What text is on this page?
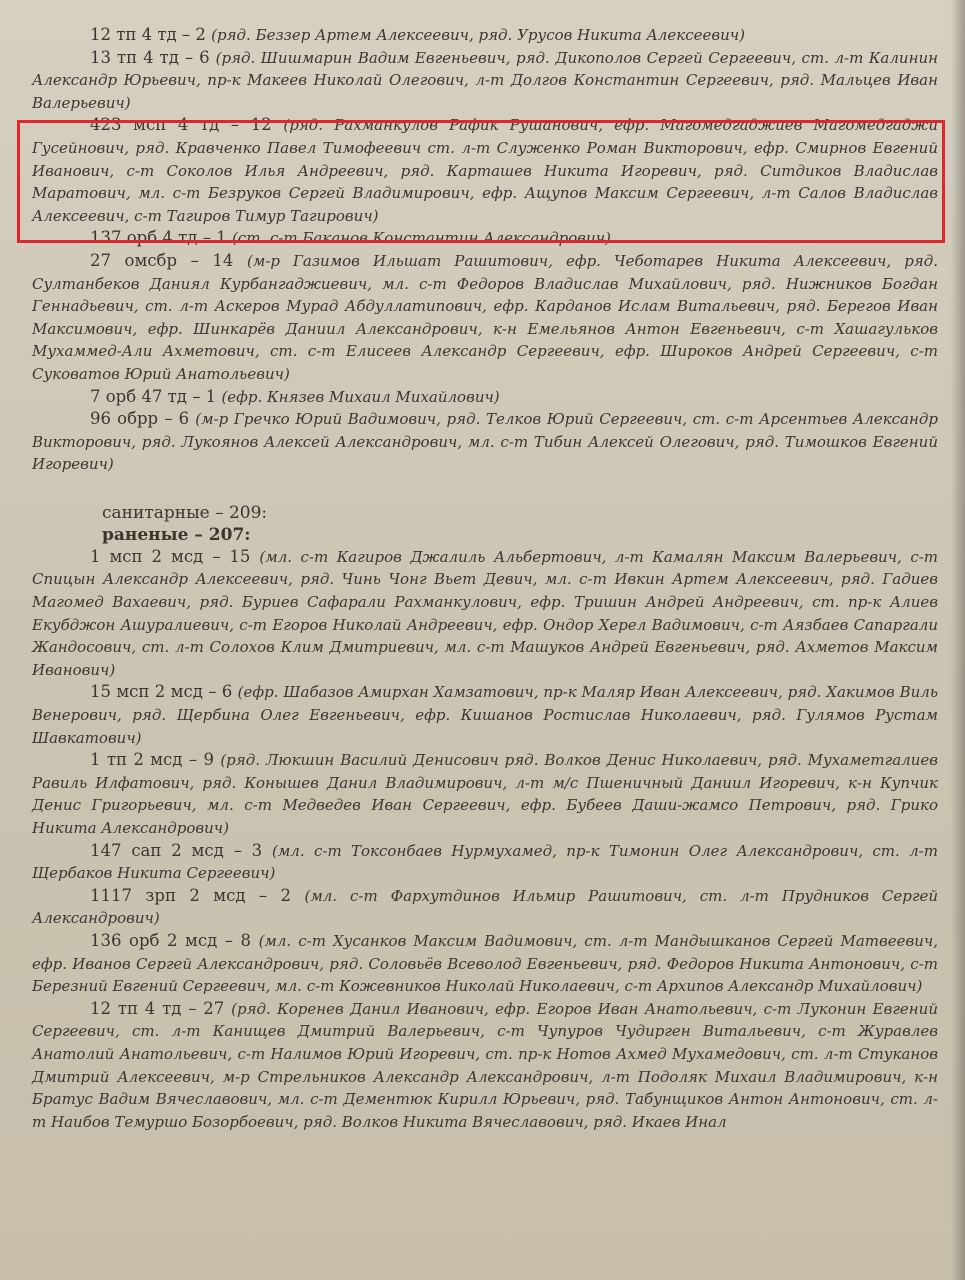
12 тп 4 тд – 2 (ряд. Беззер Артем Алексеевич, ряд. Урусов Никита Алексеевич)

13 тп 4 тд – 6 (ряд. Шишмарин Вадим Евгеньевич, ряд. Дикополов Сергей Сергеевич, ст. л-т Калинин Александр Юрьевич, пр-к Макеев Николай Олегович, л-т Долгов Константин Сергеевич, ряд. Мальцев Иван Валерьевич)

423 мсп 4 тд – 12 (ряд. Рахманкулов Рафик Рушанович, ефр. Магомедгаджиев Магомедгаджи Гусейнович, ряд. Кравченко Павел Тимофеевич ст. л-т Служенко Роман Викторович, ефр. Смирнов Евгений Иванович, с-т Соколов Илья Андреевич, ряд. Карташев Никита Игоревич, ряд. Ситдиков Владислав Маратович, мл. с-т Безруков Сергей Владимирович, ефр. Ащупов Максим Сергеевич, л-т Салов Владислав Алексеевич, с-т Тагиров Тимур Тагирович)

137 орб 4 тд – 1 (ст. с-т Баканов Константин Александрович)

27 омсбр – 14 (м-р Газимов Ильшат Рашитович, ефр. Чеботарев Никита Алексеевич, ряд. Султанбеков Даниял Курбангаджиевич, мл. с-т Федоров Владислав Михайлович, ряд. Нижников Богдан Геннадьевич, ст. л-т Аскеров Мурад Абдуллатипович, ефр. Карданов Ислам Витальевич, ряд. Берегов Иван Максимович, ефр. Шинкарёв Даниил Александрович, к-н Емельянов Антон Евгеньевич, с-т Хашагульков Мухаммед-Али Ахметович, ст. с-т Елисеев Александр Сергеевич, ефр. Широков Андрей Сергеевич, с-т Суковатов Юрий Анатольевич)

7 орб 47 тд – 1 (ефр. Князев Михаил Михайлович)

96 обрр – 6 (м-р Гречко Юрий Вадимович, ряд. Телков Юрий Сергеевич, ст. с-т Арсентьев Александр Викторович, ряд. Лукоянов Алексей Александрович, мл. с-т Тибин Алексей Олегович, ряд. Тимошков Евгений Игоревич)

санитарные – 209:

раненые – 207:

1 мсп 2 мсд – 15 (мл. с-т Кагиров Джалиль Альбертович, л-т Камалян Максим Валерьевич, с-т Спицын Александр Алексеевич, ряд. Чинь Чонг Вьет Девич, мл. с-т Ивкин Артем Алексеевич, ряд. Гадиев Магомед Вахаевич, ряд. Буриев Сафарали Рахманкулович, ефр. Тришин Андрей Андреевич, ст. пр-к Алиев Екубджон Ашуралиевич, с-т Егоров Николай Андреевич, ефр. Ондор Херел Вадимович, с-т Аязбаев Сапаргали Жандосович, ст. л-т Солохов Клим Дмитриевич, мл. с-т Машуков Андрей Евгеньевич, ряд. Ахметов Максим Иванович)

15 мсп 2 мсд – 6 (ефр. Шабазов Амирхан Хамзатович, пр-к Маляр Иван Алексеевич, ряд. Хакимов Виль Венерович, ряд. Щербина Олег Евгеньевич, ефр. Кишанов Ростислав Николаевич, ряд. Гулямов Рустам Шавкатович)

1 тп 2 мсд – 9 (ряд. Люкшин Василий Денисович ряд. Волков Денис Николаевич, ряд. Мухаметгалиев Равиль Илфатович, ряд. Конышев Данил Владимирович, л-т м/с Пшеничный Даниил Игоревич, к-н Купчик Денис Григорьевич, мл. с-т Медведев Иван Сергеевич, ефр. Бубеев Даши-жамсо Петрович, ряд. Грико Никита Александрович)

147 сап 2 мсд – 3 (мл. с-т Токсонбаев Нурмухамед, пр-к Тимонин Олег Александрович, ст. л-т Щербаков Никита Сергеевич)

1117 зрп 2 мсд – 2 (мл. с-т Фархутдинов Ильмир Рашитович, ст. л-т Прудников Сергей Александрович)

136 орб 2 мсд – 8 (мл. с-т Хусанков Максим Вадимович, ст. л-т Мандышканов Сергей Матвеевич, ефр. Иванов Сергей Александрович, ряд. Соловьёв Всеволод Евгеньевич, ряд. Федоров Никита Антонович, с-т Березний Евгений Сергеевич, мл. с-т Кожевников Николай Николаевич, с-т Архипов Александр Михайлович)

12 тп 4 тд – 27 (ряд. Коренев Данил Иванович, ефр. Егоров Иван Анатольевич, с-т Луконин Евгений Сергеевич, ст. л-т Канищев Дмитрий Валерьевич, с-т Чупуров Чудирген Витальевич, с-т Журавлев Анатолий Анатольевич, с-т Налимов Юрий Игоревич, ст. пр-к Нотов Ахмед Мухамедович, ст. л-т Стуканов Дмитрий Алексеевич, м-р Стрельников Александр Александрович, л-т Подоляк Михаил Владимирович, к-н Братус Вадим Вячеславович, мл. с-т Дементюк Кирилл Юрьевич, ряд. Табунщиков Антон Антонович, ст. л-т Наибов Темуршо Бозорбоевич, ряд. Волков Никита Вячеславович, ряд. Икаев Инал
